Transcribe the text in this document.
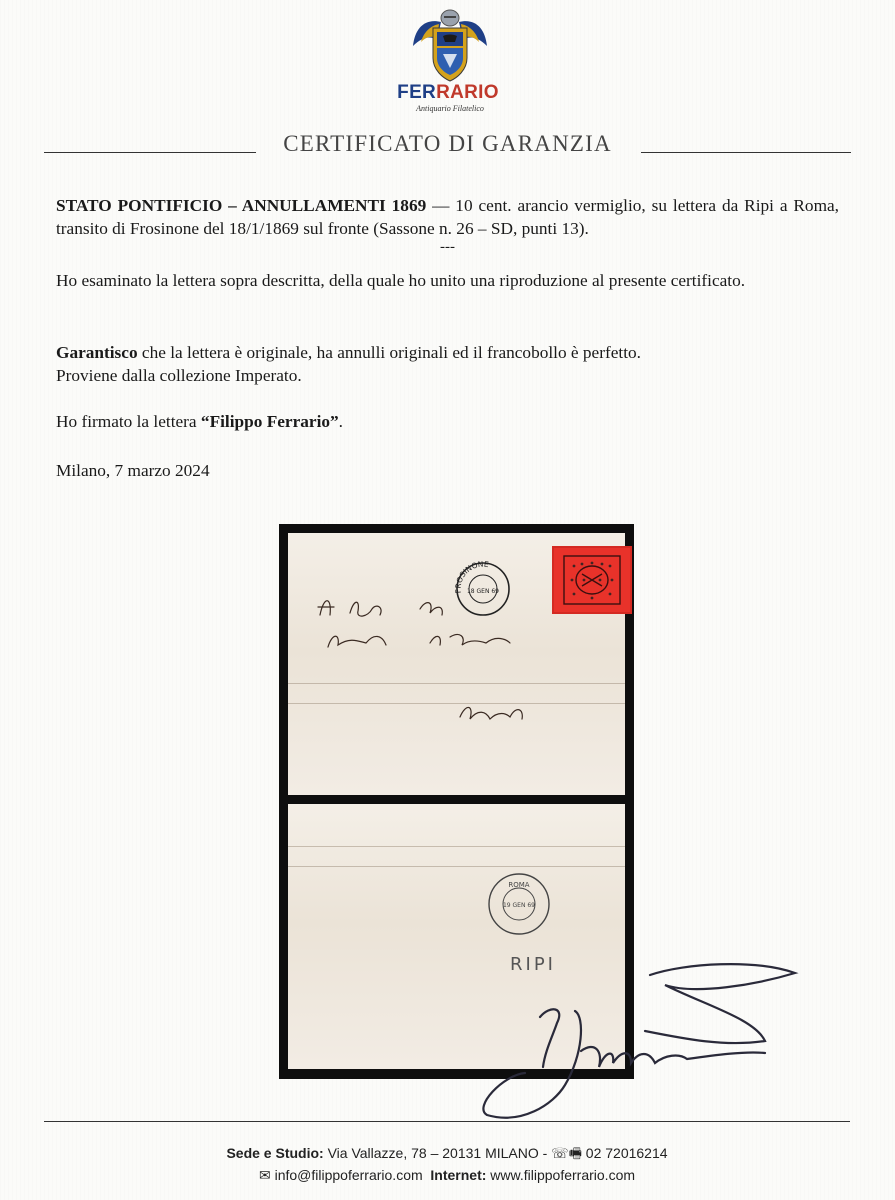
FERRARIO
Antiquario Filatelico
CERTIFICATO DI GARANZIA
STATO PONTIFICIO – ANNULLAMENTI 1869 — 10 cent. arancio vermiglio, su lettera da Ripi a Roma, transito di Frosinone del 18/1/1869 sul fronte (Sassone n. 26 – SD, punti 13).
---
Ho esaminato la lettera sopra descritta, della quale ho unito una riproduzione al presente certificato.
Garantisco che la lettera è originale, ha annulli originali ed il francobollo è perfetto.
Proviene dalla collezione Imperato.
Ho firmato la lettera “Filippo Ferrario”.
Milano, 7 marzo 2024
FROSINONE
18 GEN 69
ROMA
19 GEN 69
RIPI
Sede e Studio: Via Vallazze, 78 – 20131 MILANO - ☏🖷 02 72016214
✉ info@filippoferrario.com Internet: www.filippoferrario.com
